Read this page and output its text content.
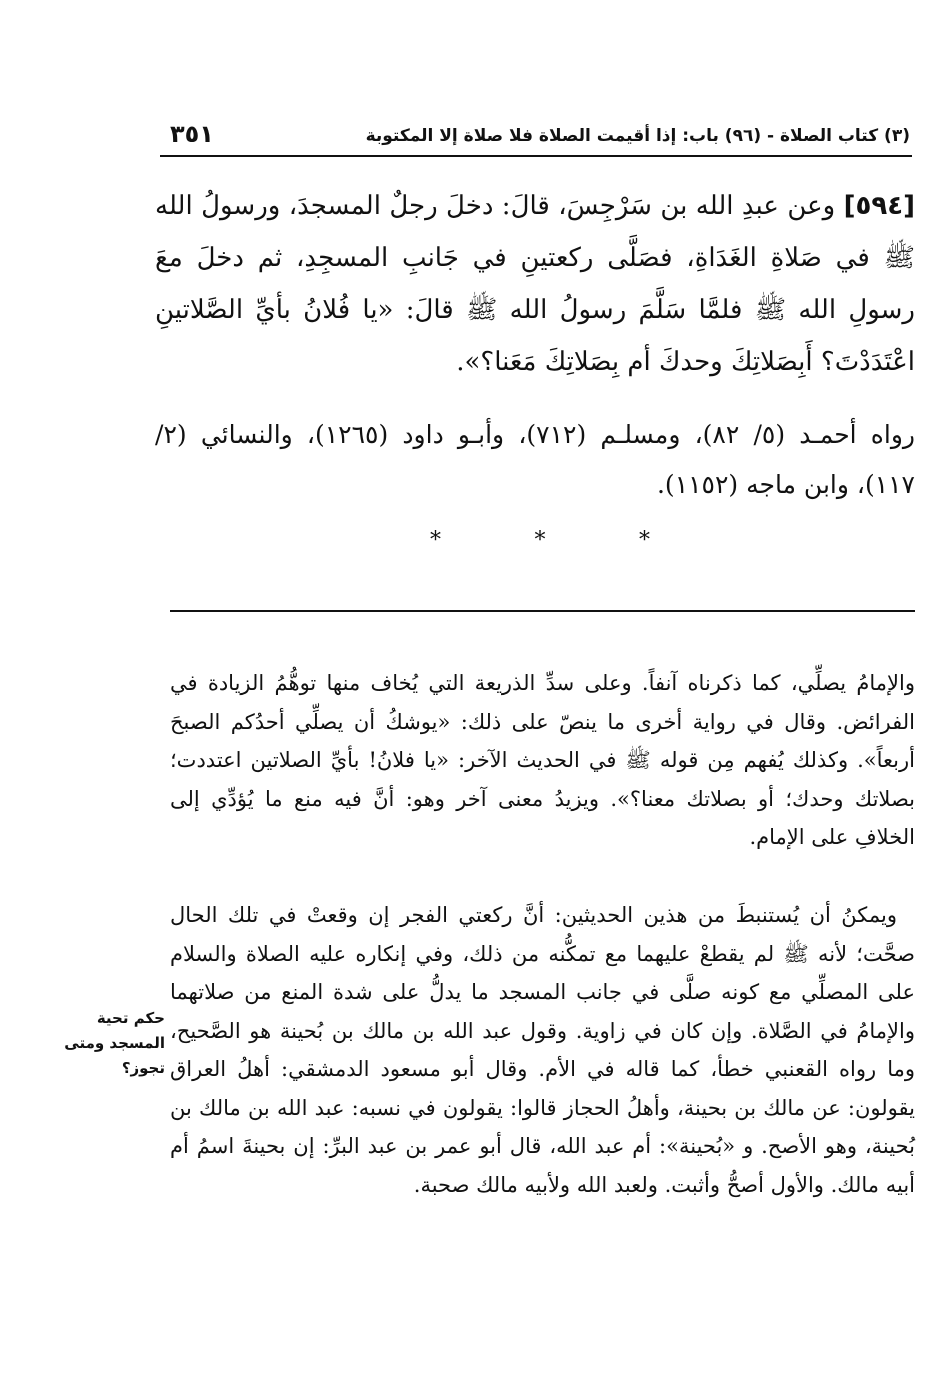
(٣) كتاب الصلاة - (٩٦) باب: إذا أقيمت الصلاة فلا صلاة إلا المكتوبة
٣٥١

[٥٩٤] وعن عبدِ الله بن سَرْجِسَ، قالَ: دخلَ رجلٌ المسجدَ، ورسولُ الله ﷺ في صَلاةِ الغَدَاةِ، فصَلَّى ركعتينِ في جَانبِ المسجِدِ، ثم دخلَ معَ رسولِ الله ﷺ فلمَّا سَلَّمَ رسولُ الله ﷺ قالَ: «يا فُلانُ بأيِّ الصَّلاتينِ اعْتَدَدْتَ؟ أَبِصَلاتِكَ وحدكَ أم بِصَلاتِكَ مَعَنا؟».

رواه أحمـد (٥/ ٨٢)، ومسلـم (٧١٢)، وأبـو داود (١٢٦٥)، والنسائي (٢/ ١١٧)، وابن ماجه (١١٥٢).

*	*	*

والإمامُ يصلِّي، كما ذكرناه آنفاً. وعلى سدِّ الذريعة التي يُخاف منها توهُّمُ الزيادة في الفرائض. وقال في رواية أخرى ما ينصّ على ذلك: «يوشكُ أن يصلِّي أحدُكم الصبحَ أربعاً». وكذلك يُفهم مِن قوله ﷺ في الحديث الآخر: «يا فلانُ! بأيِّ الصلاتين اعتددت؛ بصلاتك وحدك؛ أو بصلاتك معنا؟». ويزيدُ معنى آخر وهو: أنَّ فيه منع ما يُؤدِّي إلى الخلافِ على الإمام.

ويمكنُ أن يُستنبطَ من هذين الحديثين: أنَّ ركعتي الفجر إن وقعتْ في تلك الحال صحَّت؛ لأنه ﷺ لم يقطعْ عليهما مع تمكُّنه من ذلك، وفي إنكاره عليه الصلاة والسلام على المصلِّي مع كونه صلَّى في جانب المسجد ما يدلُّ على شدة المنع من صلاتهما والإمامُ في الصَّلاة. وإن كان في زاوية. وقول عبد الله بن مالك بن بُحينة هو الصَّحيح، وما رواه القعنبي خطأ، كما قاله في الأم. وقال أبو مسعود الدمشقي: أهلُ العراق يقولون: عن مالك بن بحينة، وأهلُ الحجاز قالوا: يقولون في نسبه: عبد الله بن مالك بن بُحينة، وهو الأصح. و «بُحينة»: أم عبد الله، قال أبو عمر بن عبد البرِّ: إن بحينةَ اسمُ أم أبيه مالك. والأول أصحُّ وأثبت. ولعبد الله ولأبيه مالك صحبة.

حكم تحية
المسجد ومتى
تجوز؟
